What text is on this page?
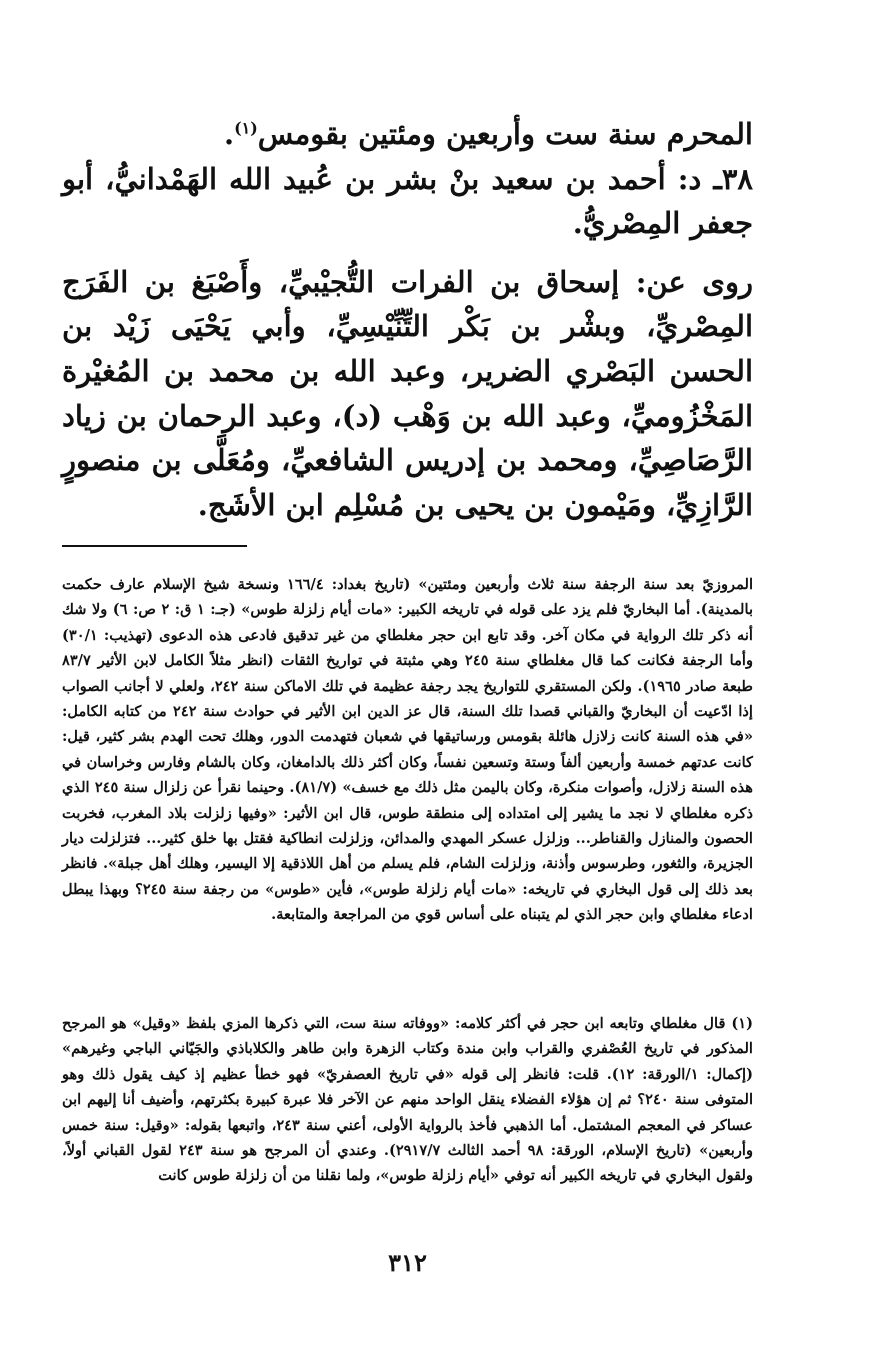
المحرم سنة ست وأربعين ومئتين بقومس$^{(١)}$.

٣٨ـ د: أحمد بن سعيد بنْ بشر بن عُبيد الله الهَمْدانيُّ، أبو جعفر المِصْريُّ.

روى عن: إسحاق بن الفرات التُّجيْبيِّ، وأَصْبَغ بن الفَرَج المِصْريِّ، وبشْر بن بَكْر التِّنِّيْسِيِّ، وأبي يَحْيَى زَيْد بن الحسن البَصْري الضرير، وعبد الله بن محمد بن المُغيْرة المَخْزُوميِّ، وعبد الله بن وَهْب (د)، وعبد الرحمان بن زياد الرَّصَاصِيِّ، ومحمد بن إدريس الشافعيِّ، ومُعَلَّى بن منصورٍ الرَّازِيِّ، ومَيْمون بن يحيى بن مُسْلِم ابن الأشَج.

المروزيّ بعد سنة الرجفة سنة ثلاث وأربعين ومئتين» (تاريخ بغداد: ١٦٦/٤ ونسخة شيخ الإسلام عارف حكمت بالمدينة). أما البخاريّ فلم يزد على قوله في تاريخه الكبير: «مات أيام زلزلة طوس» (جـ: ١ ق: ٢ ص: ٦) ولا شك أنه ذكر تلك الرواية في مكان آخر. وقد تابع ابن حجر مغلطاي من غير تدقيق فادعى هذه الدعوى (تهذيب: ٣٠/١) وأما الرجفة فكانت كما قال مغلطاي سنة ٢٤٥ وهي مثبتة في تواريخ الثقات (انظر مثلاً الكامل لابن الأثير ٨٣/٧ طبعة صادر ١٩٦٥). ولكن المستقري للتواريخ يجد رجفة عظيمة في تلك الاماكن سنة ٢٤٢، ولعلي لا أجانب الصواب إذا ادّعيت أن البخاريّ والقباني قصدا تلك السنة، قال عز الدين ابن الأثير في حوادث سنة ٢٤٢ من كتابه الكامل: «في هذه السنة كانت زلازل هائلة بقومس ورساتيقها في شعبان فتهدمت الدور، وهلك تحت الهدم بشر كثير، قيل: كانت عدتهم خمسة وأربعين ألفاً وستة وتسعين نفساً، وكان أكثر ذلك بالدامغان، وكان بالشام وفارس وخراسان في هذه السنة زلازل، وأصوات منكرة، وكان باليمن مثل ذلك مع خسف» (٨١/٧). وحينما نقرأ عن زلزال سنة ٢٤٥ الذي ذكره مغلطاي لا نجد ما يشير إلى امتداده إلى منطقة طوس، قال ابن الأثير: «وفيها زلزلت بلاد المغرب، فخربت الحصون والمنازل والقناطر... وزلزل عسكر المهدي والمدائن، وزلزلت انطاكية فقتل بها خلق كثير... فتزلزلت ديار الجزيرة، والثغور، وطرسوس وأذنة، وزلزلت الشام، فلم يسلم من أهل اللاذقية إلا اليسير، وهلك أهل جبلة». فانظر بعد ذلك إلى قول البخاري في تاريخه: «مات أيام زلزلة طوس»، فأين «طوس» من رجفة سنة ٢٤٥؟ وبهذا يبطل ادعاء مغلطاي وابن حجر الذي لم يتبناه على أساس قوي من المراجعة والمتابعة.

(١) قال مغلطاي وتابعه ابن حجر في أكثر كلامه: «ووفاته سنة ست، التي ذكرها المزي بلفظ «وقيل» هو المرجح المذكور في تاريخ العُصْفري والقراب وابن مندة وكتاب الزهرة وابن طاهر والكلاباذي والجَيّاني الباجي وغيرهم» (إكمال: ١/الورقة: ١٢). قلت: فانظر إلى قوله «في تاريخ العصفريّ» فهو خطأ عظيم إذ كيف يقول ذلك وهو المتوفى سنة ٢٤٠؟ ثم إن هؤلاء الفضلاء ينقل الواحد منهم عن الآخر فلا عبرة كبيرة بكثرتهم، وأضيف أنا إليهم ابن عساكر في المعجم المشتمل. أما الذهبي فأخذ بالرواية الأولى، أعني سنة ٢٤٣، واتبعها بقوله: «وقيل: سنة خمس وأربعين» (تاريخ الإسلام، الورقة: ٩٨ أحمد الثالث ٢٩١٧/٧). وعندي أن المرجح هو سنة ٢٤٣ لقول القباني أولاً، ولقول البخاري في تاريخه الكبير أنه توفي «أيام زلزلة طوس»، ولما نقلنا من أن زلزلة طوس كانت

٣١٢
